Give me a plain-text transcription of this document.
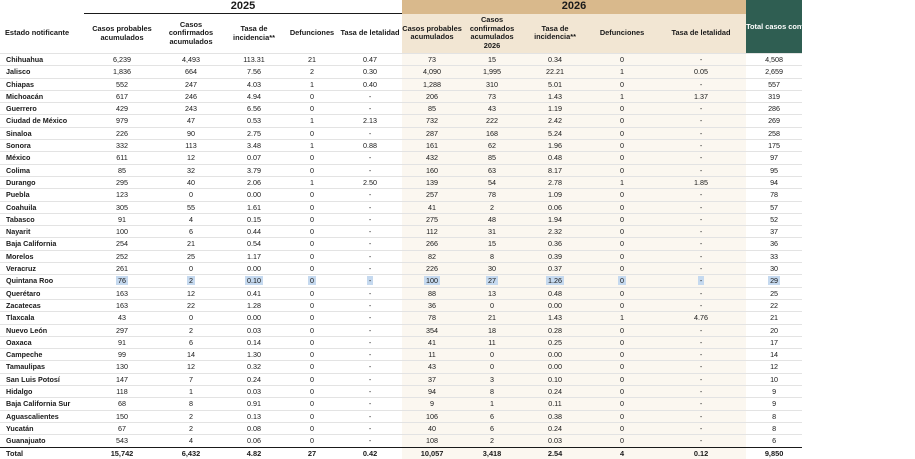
	2025					2026					Total casos confirmados acumulados 2025-2026
Estado notificante	Casos probables acumulados	Casos confirmados acumulados	Tasa de incidencia**	Defunciones	Tasa de letalidad	Casos probables acumulados	Casos confirmados acumulados 2026	Tasa de incidencia**	Defunciones	Tasa de letalidad	
Chihuahua	6,239	4,493	113.31	21	0.47	73	15	0.34	0	-	4,508
Jalisco	1,836	664	7.56	2	0.30	4,090	1,995	22.21	1	0.05	2,659
Chiapas	552	247	4.03	1	0.40	1,288	310	5.01	0	-	557
Michoacán	617	246	4.94	0	-	206	73	1.43	1	1.37	319
Guerrero	429	243	6.56	0	-	85	43	1.19	0	-	286
Ciudad de México	979	47	0.53	1	2.13	732	222	2.42	0	-	269
Sinaloa	226	90	2.75	0	-	287	168	5.24	0	-	258
Sonora	332	113	3.48	1	0.88	161	62	1.96	0	-	175
México	611	12	0.07	0	-	432	85	0.48	0	-	97
Colima	85	32	3.79	0	-	160	63	8.17	0	-	95
Durango	295	40	2.06	1	2.50	139	54	2.78	1	1.85	94
Puebla	123	0	0.00	0	-	257	78	1.09	0	-	78
Coahuila	305	55	1.61	0	-	41	2	0.06	0	-	57
Tabasco	91	4	0.15	0	-	275	48	1.94	0	-	52
Nayarit	100	6	0.44	0	-	112	31	2.32	0	-	37
Baja California	254	21	0.54	0	-	266	15	0.36	0	-	36
Morelos	252	25	1.17	0	-	82	8	0.39	0	-	33
Veracruz	261	0	0.00	0	-	226	30	0.37	0	-	30
Quintana Roo	76	2	0.10	0	-	100	27	1.26	0	-	29
Querétaro	163	12	0.41	0	-	88	13	0.48	0	-	25
Zacatecas	163	22	1.28	0	-	36	0	0.00	0	-	22
Tlaxcala	43	0	0.00	0	-	78	21	1.43	1	4.76	21
Nuevo León	297	2	0.03	0	-	354	18	0.28	0	-	20
Oaxaca	91	6	0.14	0	-	41	11	0.25	0	-	17
Campeche	99	14	1.30	0	-	11	0	0.00	0	-	14
Tamaulipas	130	12	0.32	0	-	43	0	0.00	0	-	12
San Luis Potosí	147	7	0.24	0	-	37	3	0.10	0	-	10
Hidalgo	118	1	0.03	0	-	94	8	0.24	0	-	9
Baja California Sur	68	8	0.91	0	-	9	1	0.11	0	-	9
Aguascalientes	150	2	0.13	0	-	106	6	0.38	0	-	8
Yucatán	67	2	0.08	0	-	40	6	0.24	0	-	8
Guanajuato	543	4	0.06	0	-	108	2	0.03	0	-	6
Total	15,742	6,432	4.82	27	0.42	10,057	3,418	2.54	4	0.12	9,850
